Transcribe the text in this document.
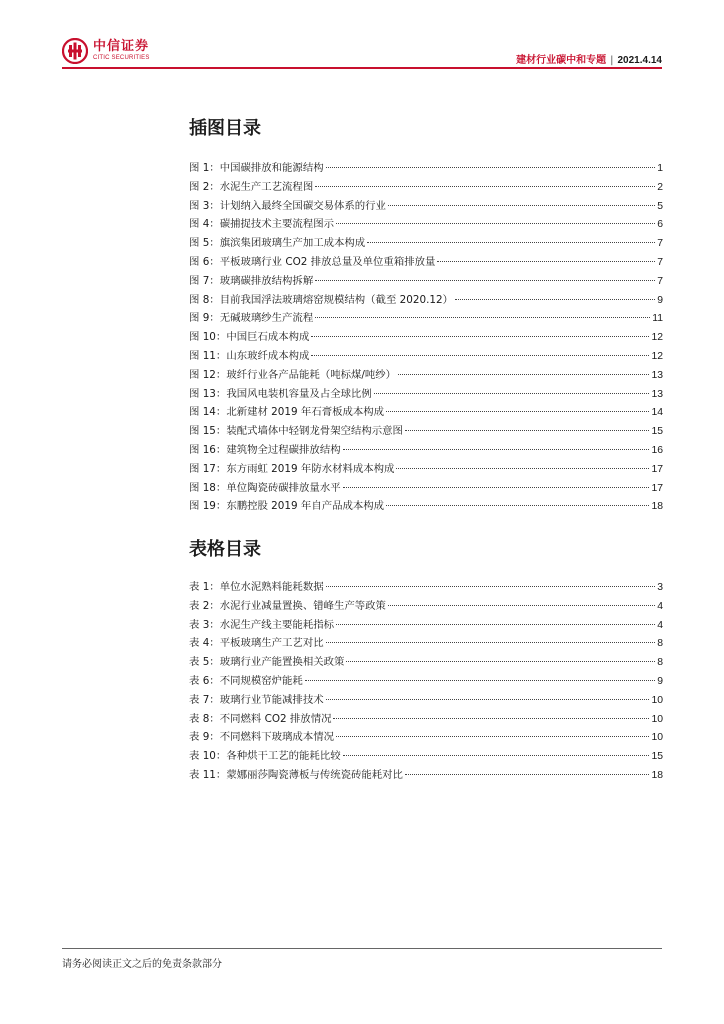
中信证券
CITIC SECURITIES	建材行业碳中和专题 | 2021.4.14
插图目录
图 1： 中国碳排放和能源结构	1
图 2： 水泥生产工艺流程图	2
图 3： 计划纳入最终全国碳交易体系的行业	5
图 4： 碳捕捉技术主要流程图示	6
图 5： 旗滨集团玻璃生产加工成本构成	7
图 6： 平板玻璃行业 CO2 排放总量及单位重箱排放量	7
图 7： 玻璃碳排放结构拆解	7
图 8： 目前我国浮法玻璃熔窑规模结构（截至 2020.12）	9
图 9： 无碱玻璃纱生产流程	11
图 10： 中国巨石成本构成	12
图 11： 山东玻纤成本构成	12
图 12： 玻纤行业各产品能耗（吨标煤/吨纱）	13
图 13： 我国风电装机容量及占全球比例	13
图 14： 北新建材 2019 年石膏板成本构成	14
图 15： 装配式墙体中轻钢龙骨架空结构示意图	15
图 16： 建筑物全过程碳排放结构	16
图 17： 东方雨虹 2019 年防水材料成本构成	17
图 18： 单位陶瓷砖碳排放量水平	17
图 19： 东鹏控股 2019 年自产品成本构成	18
表格目录
表 1： 单位水泥熟料能耗数据	3
表 2： 水泥行业减量置换、错峰生产等政策	4
表 3： 水泥生产线主要能耗指标	4
表 4： 平板玻璃生产工艺对比	8
表 5： 玻璃行业产能置换相关政策	8
表 6： 不同规模窑炉能耗	9
表 7： 玻璃行业节能减排技术	10
表 8： 不同燃料 CO2 排放情况	10
表 9： 不同燃料下玻璃成本情况	10
表 10： 各种烘干工艺的能耗比较	15
表 11： 蒙娜丽莎陶瓷薄板与传统瓷砖能耗对比	18
请务必阅读正文之后的免责条款部分
